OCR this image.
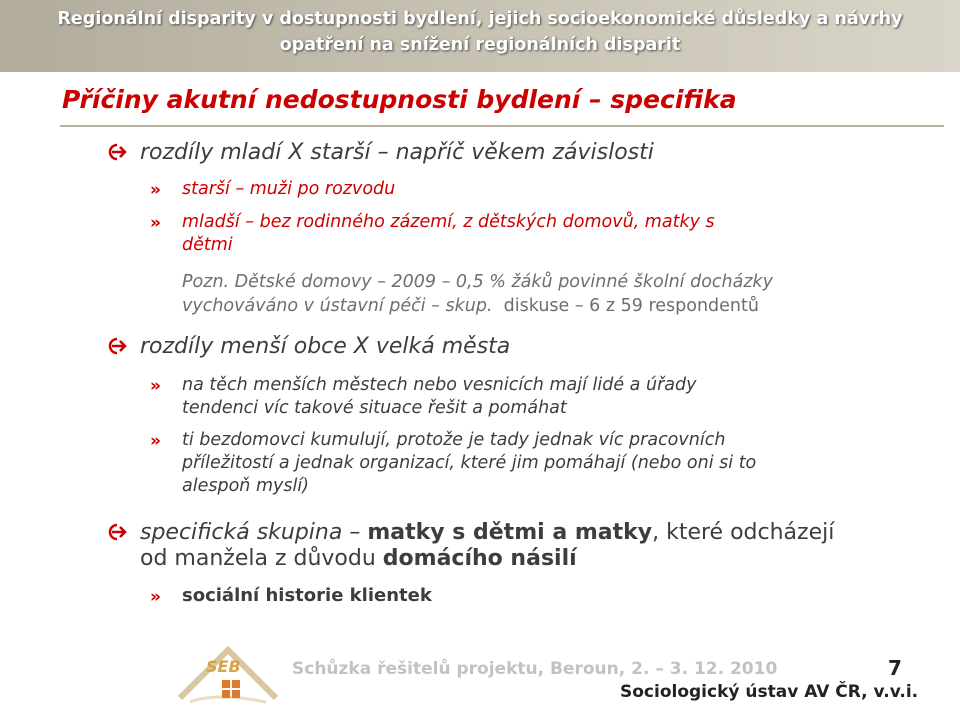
Regionální disparity v dostupnosti bydlení, jejich socioekonomické důsledky a návrhy
opatření na snížení regionálních disparit
Příčiny akutní nedostupnosti bydlení – specifika
rozdíly mladí X starší – napříč věkem závislosti
» starší – muži po rozvodu
» mladší – bez rodinného zázemí, z dětských domovů, matky s
dětmi
Pozn. Dětské domovy – 2009 – 0,5 % žáků povinné školní docházky
vychováváno v ústavní péči – skup. diskuse – 6 z 59 respondentů
rozdíly menší obce X velká města
» na těch menších městech nebo vesnicích mají lidé a úřady
tendenci víc takové situace řešit a pomáhat
» ti bezdomovci kumulují, protože je tady jednak víc pracovních
příležitostí a jednak organizací, které jim pomáhají (nebo oni si to
alespoň myslí)
specifická skupina – matky s dětmi a matky, které odcházejí
od manžela z důvodu domácího násilí
» sociální historie klientek
SEB	Schůzka řešitelů projektu, Beroun, 2. – 3. 12. 2010	7
Sociologický ústav AV ČR, v.v.i.
